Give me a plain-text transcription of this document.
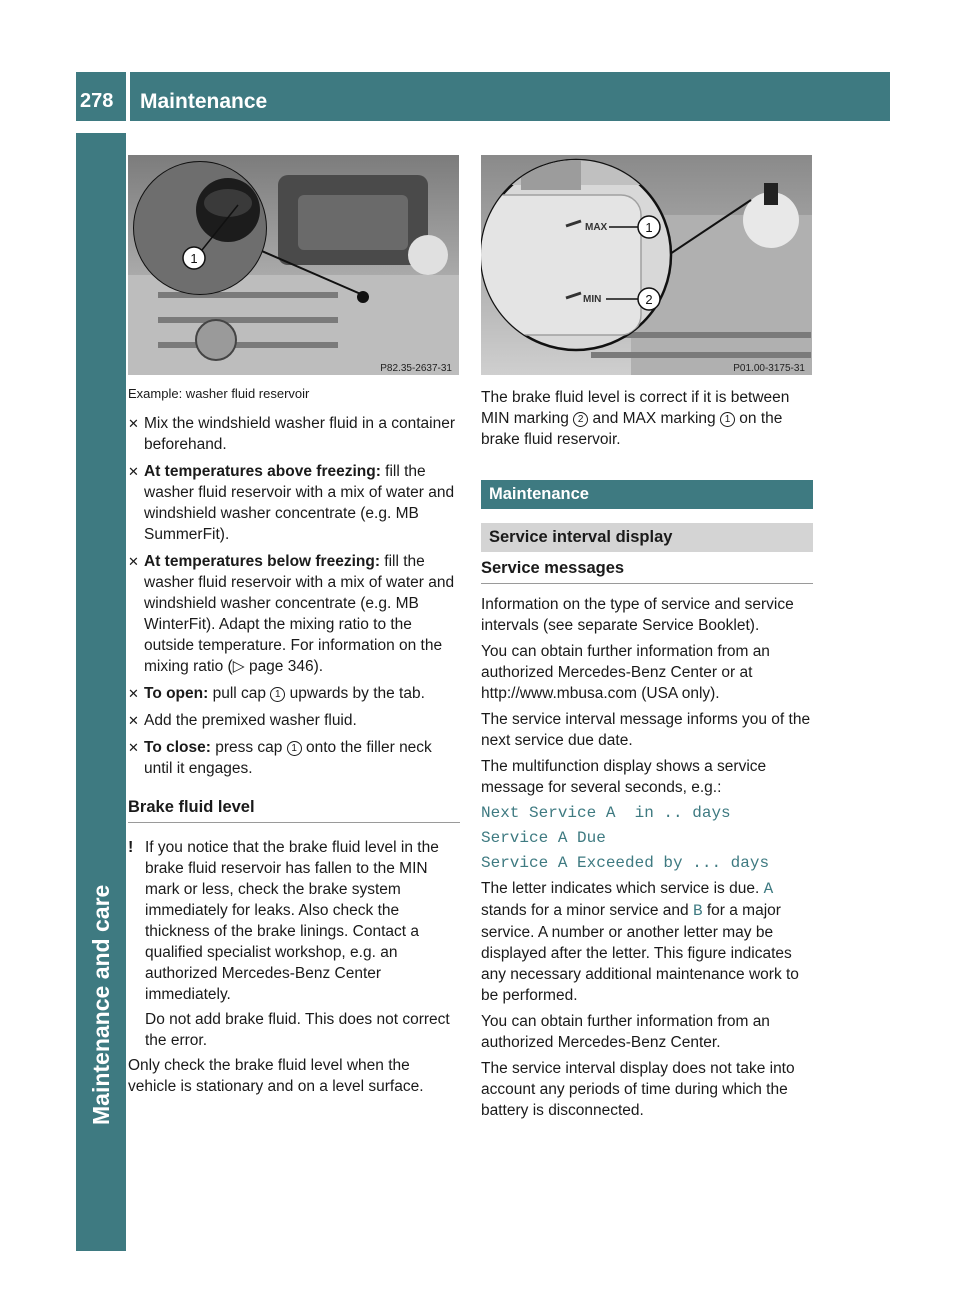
278 Maintenance
Maintenance and care
1
P82.35-2637-31
MAX	1
MIN	2
P01.00-3175-31

Example: washer fluid reservoir

✕ Mix the windshield washer fluid in a container beforehand.
✕ At temperatures above freezing: fill the washer fluid reservoir with a mix of water and windshield washer concentrate (e.g. MB SummerFit).
✕ At temperatures below freezing: fill the washer fluid reservoir with a mix of water and windshield washer concentrate (e.g. MB WinterFit). Adapt the mixing ratio to the outside temperature. For information on the mixing ratio (▷ page 346).
✕ To open: pull cap 1 upwards by the tab.
✕ Add the premixed washer fluid.
✕ To close: press cap 1 onto the filler neck until it engages.
Brake fluid level
! If you notice that the brake fluid level in the brake fluid reservoir has fallen to the MIN mark or less, check the brake system immediately for leaks. Also check the thickness of the brake linings. Contact a qualified specialist workshop, e.g. an authorized Mercedes-Benz Center immediately.

Do not add brake fluid. This does not correct the error.

Only check the brake fluid level when the vehicle is stationary and on a level surface.

The brake fluid level is correct if it is between MIN marking 2 and MAX marking 1 on the brake fluid reservoir.

Maintenance
Service interval display
Service messages

Information on the type of service and service intervals (see separate Service Booklet).

You can obtain further information from an authorized Mercedes-Benz Center or at http://www.mbusa.com (USA only).

The service interval message informs you of the next service due date.

The multifunction display shows a service message for several seconds, e.g.:

Next Service A  in .. days
Service A Due
Service A Exceeded by ... days

The letter indicates which service is due. A stands for a minor service and B for a major service. A number or another letter may be displayed after the letter. This figure indicates any necessary additional maintenance work to be performed.

You can obtain further information from an authorized Mercedes-Benz Center.

The service interval display does not take into account any periods of time during which the battery is disconnected.
